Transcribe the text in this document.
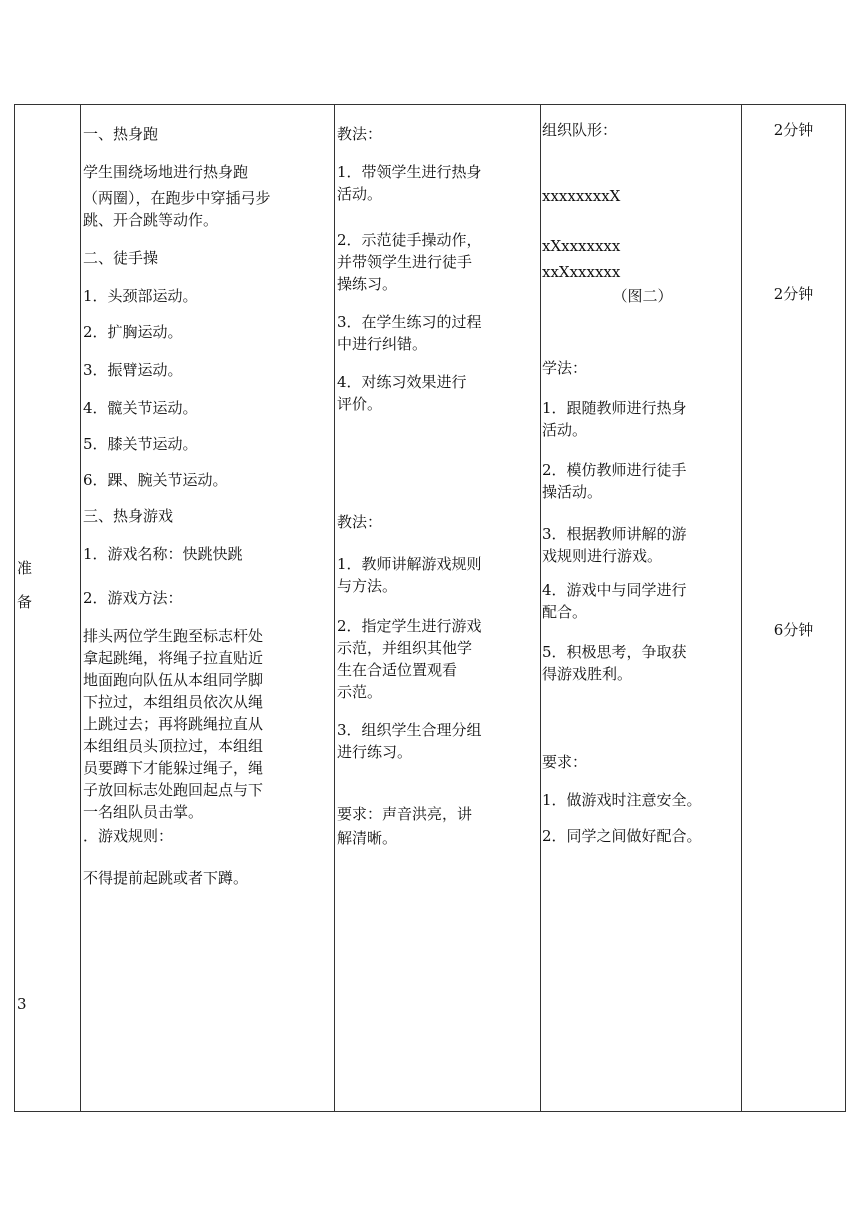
准
备
3
一、热身跑
学生围绕场地进行热身跑
（两圈），在跑步中穿插弓步
跳、开合跳等动作。
二、徒手操
1．头颈部运动。
2．扩胸运动。
3．振臂运动。
4．髋关节运动。
5．膝关节运动。
6．踝、腕关节运动。
三、热身游戏
1．游戏名称：快跳快跳
2．游戏方法：
排头两位学生跑至标志杆处
拿起跳绳，将绳子拉直贴近
地面跑向队伍从本组同学脚
下拉过，本组组员依次从绳
上跳过去；再将跳绳拉直从
本组组员头顶拉过，本组组
员要蹲下才能躲过绳子，绳
子放回标志处跑回起点与下
一名组队员击掌。
．游戏规则：
不得提前起跳或者下蹲。
教法：
1．带领学生进行热身
活动。
2．示范徒手操动作，
并带领学生进行徒手
操练习。
3．在学生练习的过程
中进行纠错。
4．对练习效果进行
评价。
教法：
1．教师讲解游戏规则
与方法。
2．指定学生进行游戏
示范，并组织其他学
生在合适位置观看
示范。
3．组织学生合理分组
进行练习。
要求：声音洪亮，讲
解清晰。
组织队形：
xxxxxxxxX
xXxxxxxxx
xxXxxxxxx
（图二）
学法：
1．跟随教师进行热身
活动。
2．模仿教师进行徒手
操活动。
3．根据教师讲解的游
戏规则进行游戏。
4．游戏中与同学进行
配合。
5．积极思考，争取获
得游戏胜利。
要求：
1．做游戏时注意安全。
2．同学之间做好配合。
2分钟
2分钟
6分钟
